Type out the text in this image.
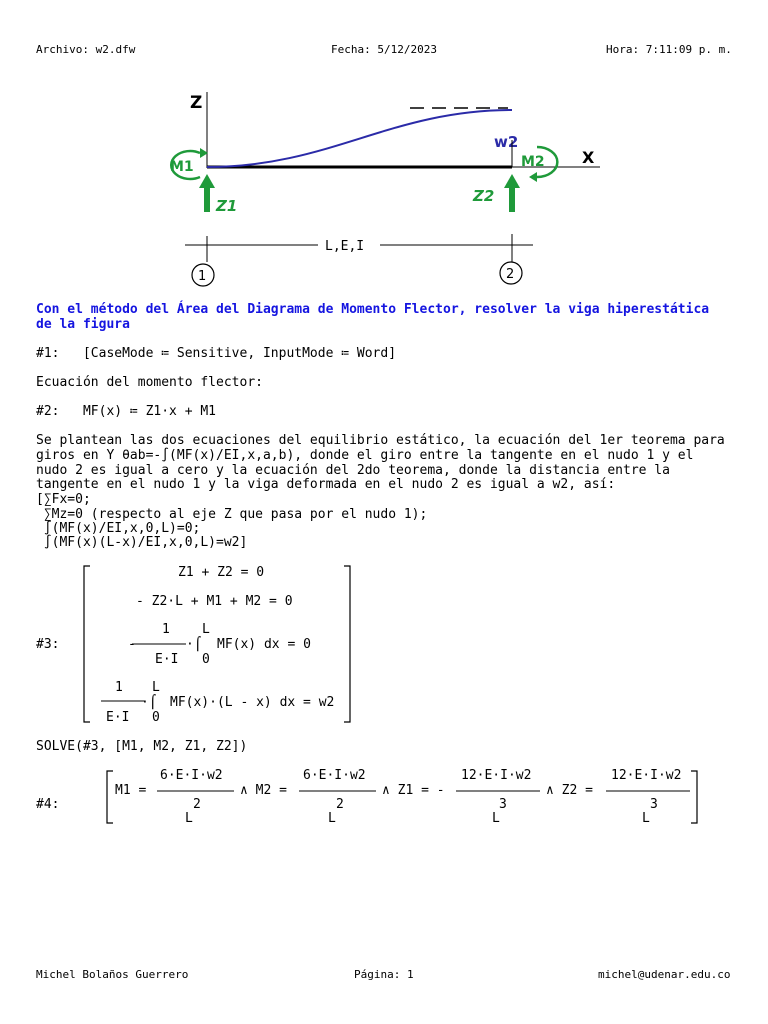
Archivo: w2.dfw	Fecha: 5/12/2023	Hora: 7:11:09 p. m.
Z
X
w2
M1
Z1
M2
Z2
L,E,I
1	2
Con el método del Área del Diagrama de Momento Flector, resolver la viga hiperestática
de la figura
#1:   [CaseMode ≔ Sensitive, InputMode ≔ Word]
Ecuación del momento flector:
#2:   MF(x) ≔ Z1·x + M1
Se plantean las dos ecuaciones del equilibrio estático, la ecuación del 1er teorema para
giros en Y θab=-∫(MF(x)/EI,x,a,b), donde el giro entre la tangente en el nudo 1 y el
nudo 2 es igual a cero y la ecuación del 2do teorema, donde la distancia entre la
tangente en el nudo 1 y la viga deformada en el nudo 2 es igual a w2, así:
[∑Fx=0;
∑Mz=0 (respecto al eje Z que pasa por el nudo 1);
∫(MF(x)/EI,x,0,L)=0;
∫(MF(x)(L-x)/EI,x,0,L)=w2]
#3:
Z1 + Z2 = 0
- Z2·L + M1 + M2 = 0
L
1
-	·⌠ MF(x) dx = 0
E·I 0
L
1
·⌠ MF(x)·(L - x) dx = w2
E·I 0
SOLVE(#3, [M1, M2, Z1, Z2])
#4:
6·E·I·w2
M1 =
2
L
∧ M2 =
6·E·I·w2
2
L
∧ Z1 = -
12·E·I·w2
3
L
∧ Z2 =
12·E·I·w2
3
L
Michel Bolaños Guerrero	Página: 1	michel@udenar.edu.co
